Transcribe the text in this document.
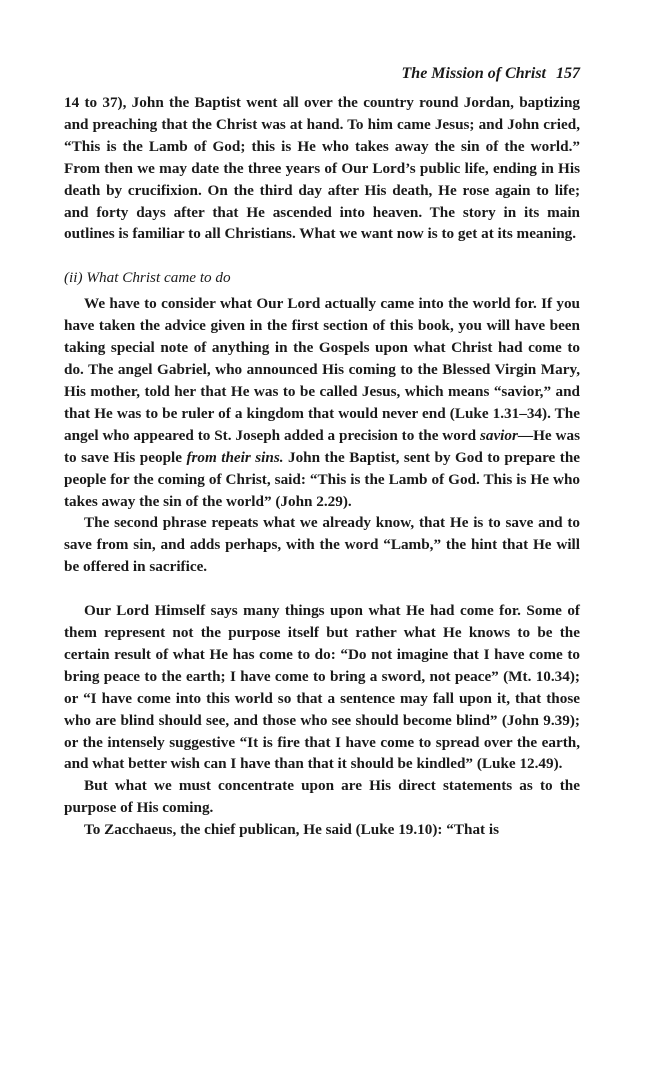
The Mission of Christ 157

14 to 37), John the Baptist went all over the country round Jordan, baptizing and preaching that the Christ was at hand. To him came Jesus; and John cried, “This is the Lamb of God; this is He who takes away the sin of the world.” From then we may date the three years of Our Lord’s public life, ending in His death by crucifixion. On the third day after His death, He rose again to life; and forty days after that He ascended into heaven. The story in its main outlines is familiar to all Christians. What we want now is to get at its meaning.

(ii) What Christ came to do

We have to consider what Our Lord actually came into the world for. If you have taken the advice given in the first section of this book, you will have been taking special note of anything in the Gospels upon what Christ had come to do. The angel Gabriel, who announced His coming to the Blessed Virgin Mary, His mother, told her that He was to be called Jesus, which means “savior,” and that He was to be ruler of a kingdom that would never end (Luke 1.31–34). The angel who appeared to St. Joseph added a precision to the word savior—He was to save His people from their sins. John the Baptist, sent by God to prepare the people for the coming of Christ, said: “This is the Lamb of God. This is He who takes away the sin of the world” (John 2.29).

The second phrase repeats what we already know, that He is to save and to save from sin, and adds perhaps, with the word “Lamb,” the hint that He will be offered in sacrifice.

Our Lord Himself says many things upon what He had come for. Some of them represent not the purpose itself but rather what He knows to be the certain result of what He has come to do: “Do not imagine that I have come to bring peace to the earth; I have come to bring a sword, not peace” (Mt. 10.34); or “I have come into this world so that a sentence may fall upon it, that those who are blind should see, and those who see should become blind” (John 9.39); or the intensely suggestive “It is fire that I have come to spread over the earth, and what better wish can I have than that it should be kindled” (Luke 12.49).

But what we must concentrate upon are His direct statements as to the purpose of His coming.

To Zacchaeus, the chief publican, He said (Luke 19.10): “That is
